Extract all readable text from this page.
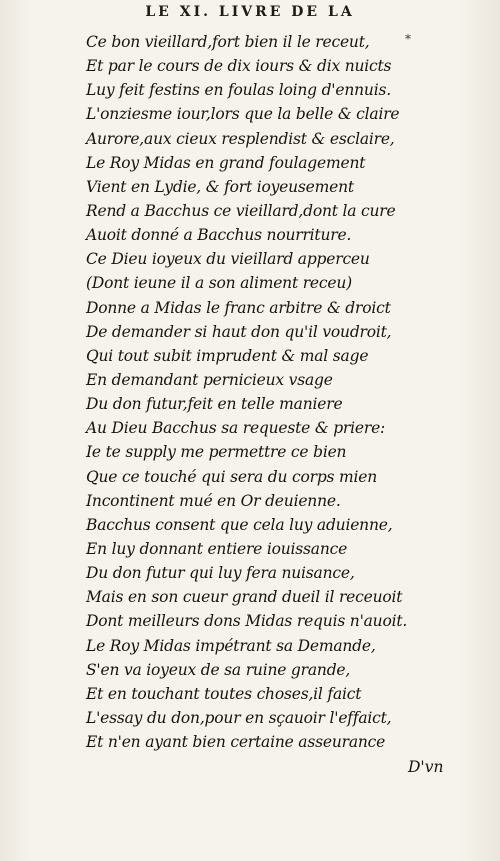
LE XI. LIVRE DE LA
*
Ce bon vieillard,fort bien il le receut,
Et par le cours de dix iours & dix nuicts
Luy feit festins en foulas loing d'ennuis.
L'onziesme iour,lors que la belle & claire
Aurore,aux cieux resplendist & esclaire,
Le Roy Midas en grand foulagement
Vient en Lydie, & fort ioyeusement
Rend a Bacchus ce vieillard,dont la cure
Auoit donné a Bacchus nourriture.
Ce Dieu ioyeux du vieillard apperceu
(Dont ieune il a son aliment receu)
Donne a Midas le franc arbitre & droict
De demander si haut don qu'il voudroit,
Qui tout subit imprudent & mal sage
En demandant pernicieux vsage
Du don futur,feit en telle maniere
Au Dieu Bacchus sa requeste & priere:
Ie te supply me permettre ce bien
Que ce touché qui sera du corps mien
Incontinent mué en Or deuienne.
Bacchus consent que cela luy aduienne,
En luy donnant entiere iouissance
Du don futur qui luy fera nuisance,
Mais en son cueur grand dueil il receuoit
Dont meilleurs dons Midas requis n'auoit.
Le Roy Midas impétrant sa Demande,
S'en va ioyeux de sa ruine grande,
Et en touchant toutes choses,il faict
L'essay du don,pour en sçauoir l'effaict,
Et n'en ayant bien certaine asseurance
D'vn
